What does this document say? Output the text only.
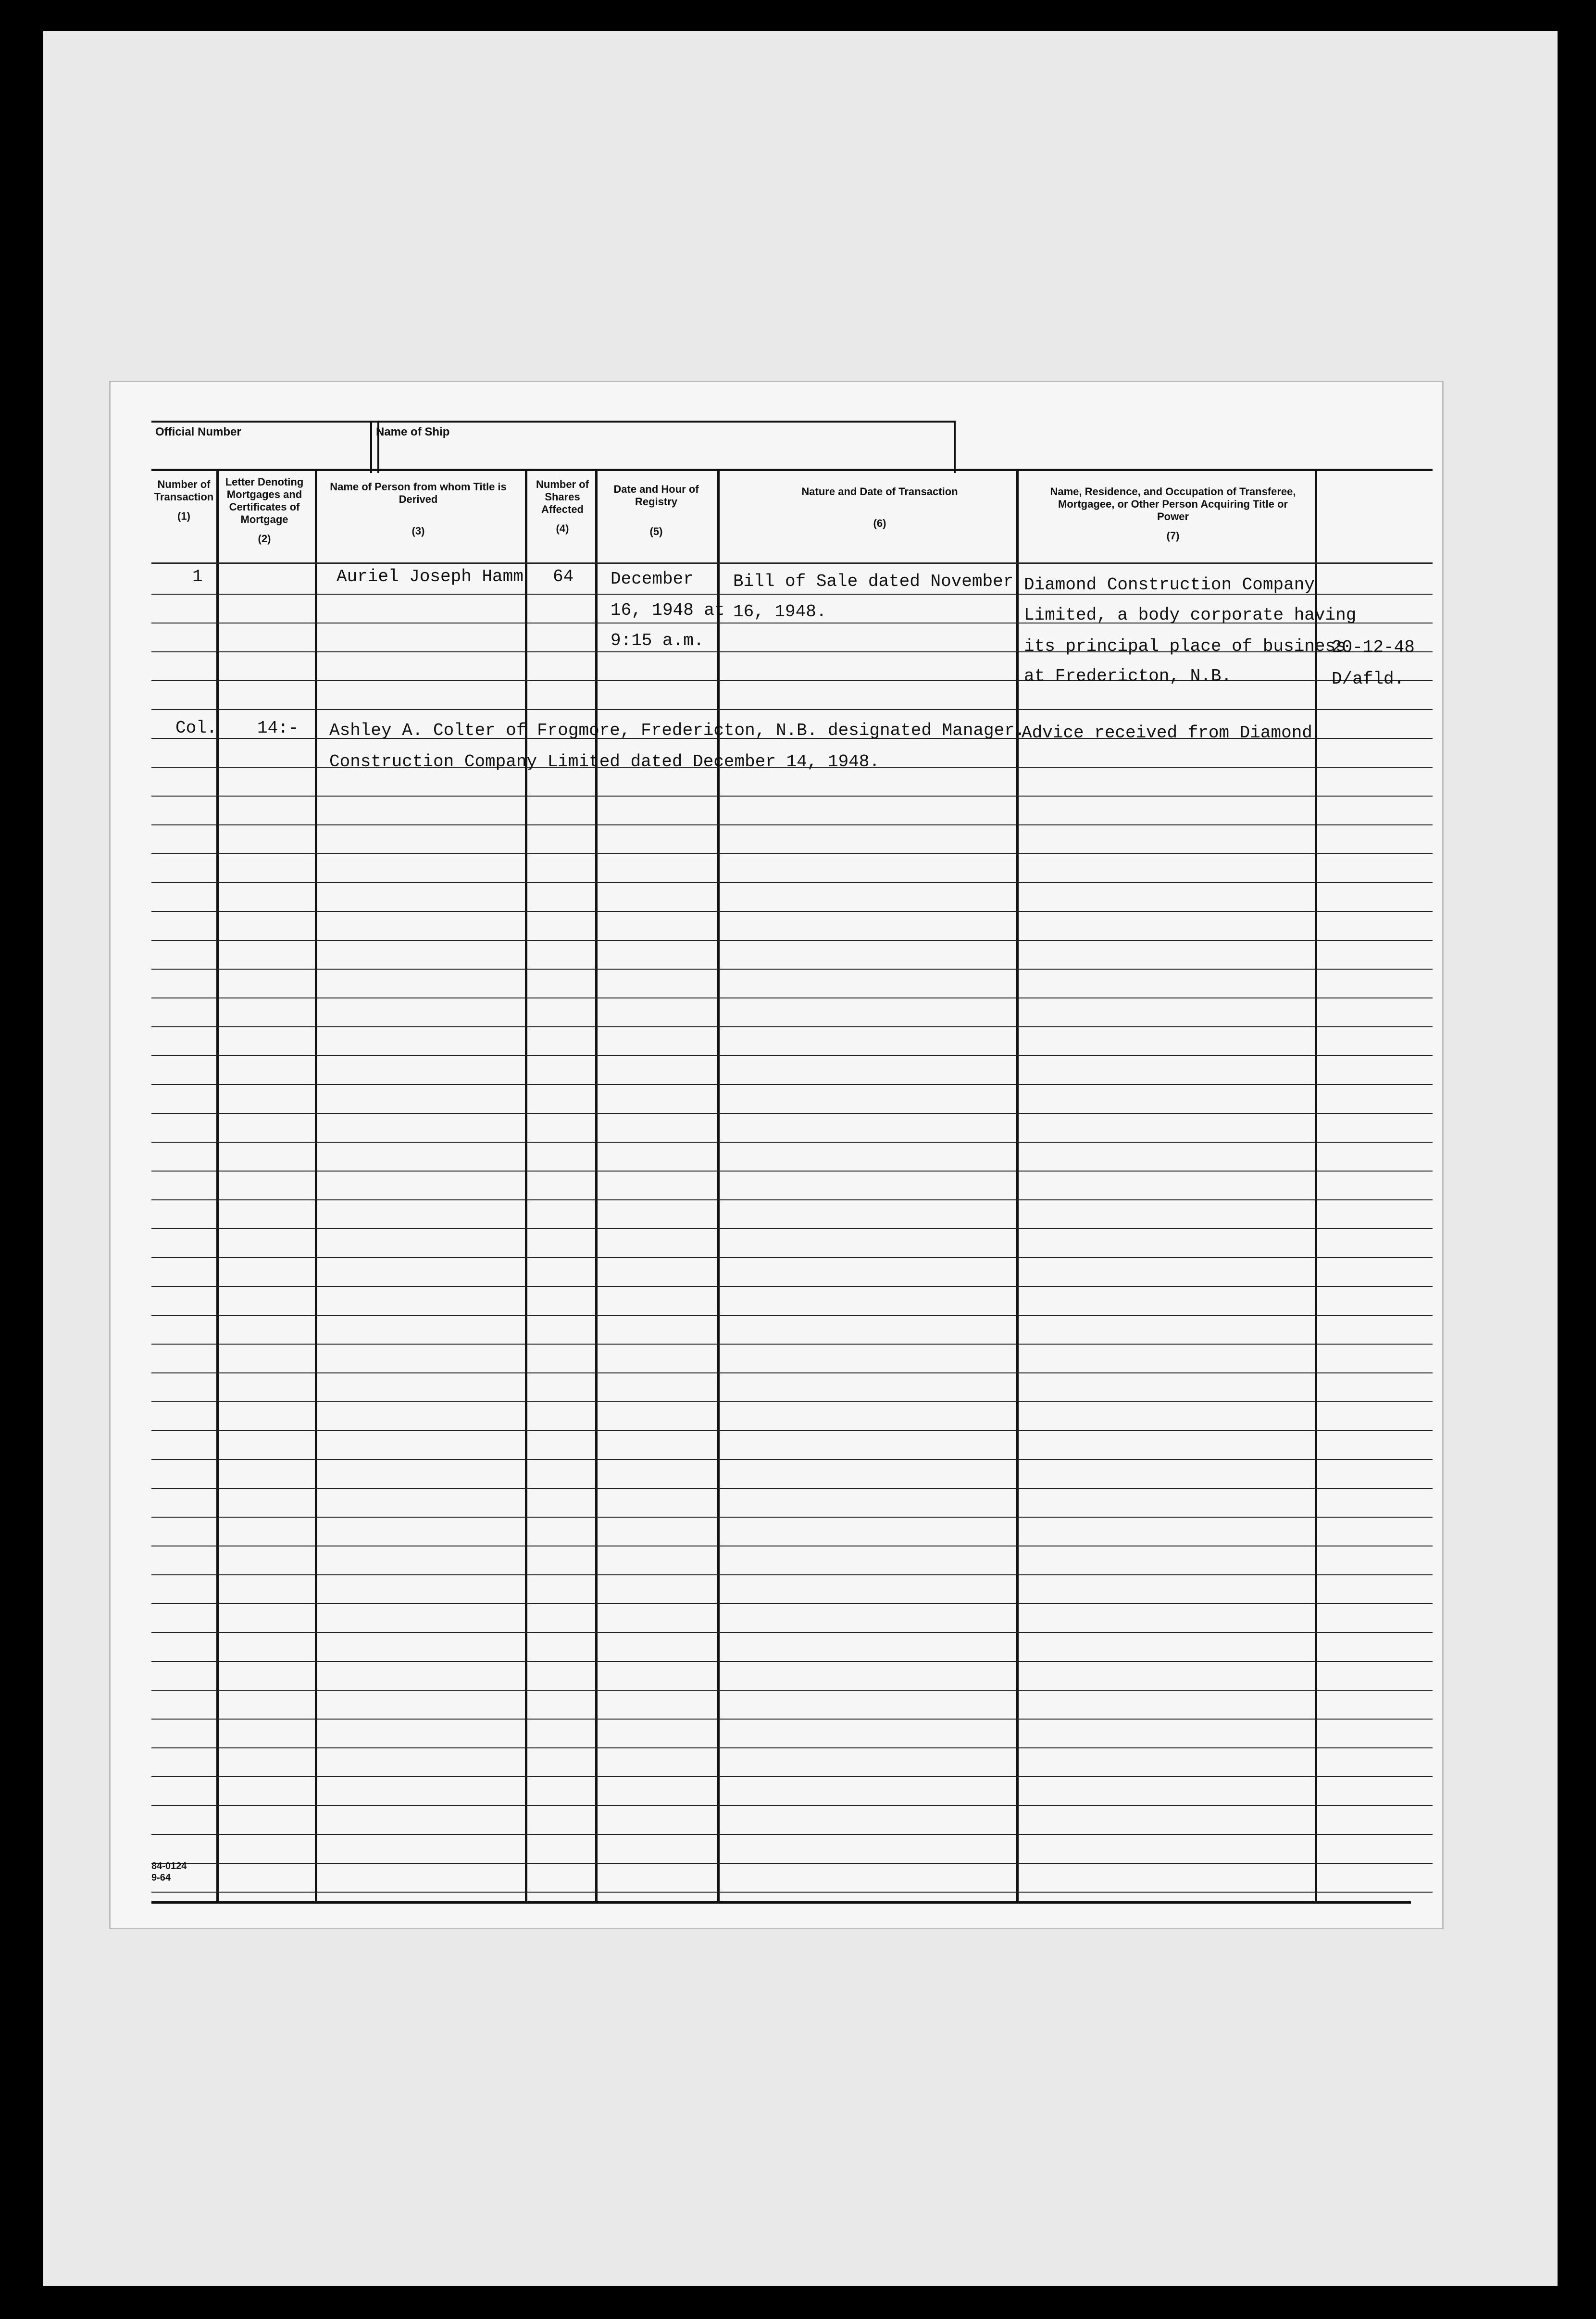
Official Number	Name of Ship
Number of Transaction
(1)
Letter Denoting Mortgages and Certificates of Mortgage
(2)
Name of Person from whom Title is Derived
(3)
Number of Shares Affected
(4)
Date and Hour of Registry
(5)
Nature and Date of Transaction
(6)
Name, Residence, and Occupation of Transferee, Mortgagee, or Other Person Acquiring Title or Power
(7)
1	Auriel Joseph Hamm 64 December
16, 1948 at
9:15 a.m.
Bill of Sale dated November
16, 1948.
Diamond Construction Company
Limited, a body corporate having
its principal place of business
at Fredericton, N.B.
20-12-48
D/afld.
Col. 14:- Ashley A. Colter of Frogmore, Fredericton, N.B. designated Manager.
Advice received from Diamond
Construction Company Limited dated December 14, 1948.
84-0124
9-64
